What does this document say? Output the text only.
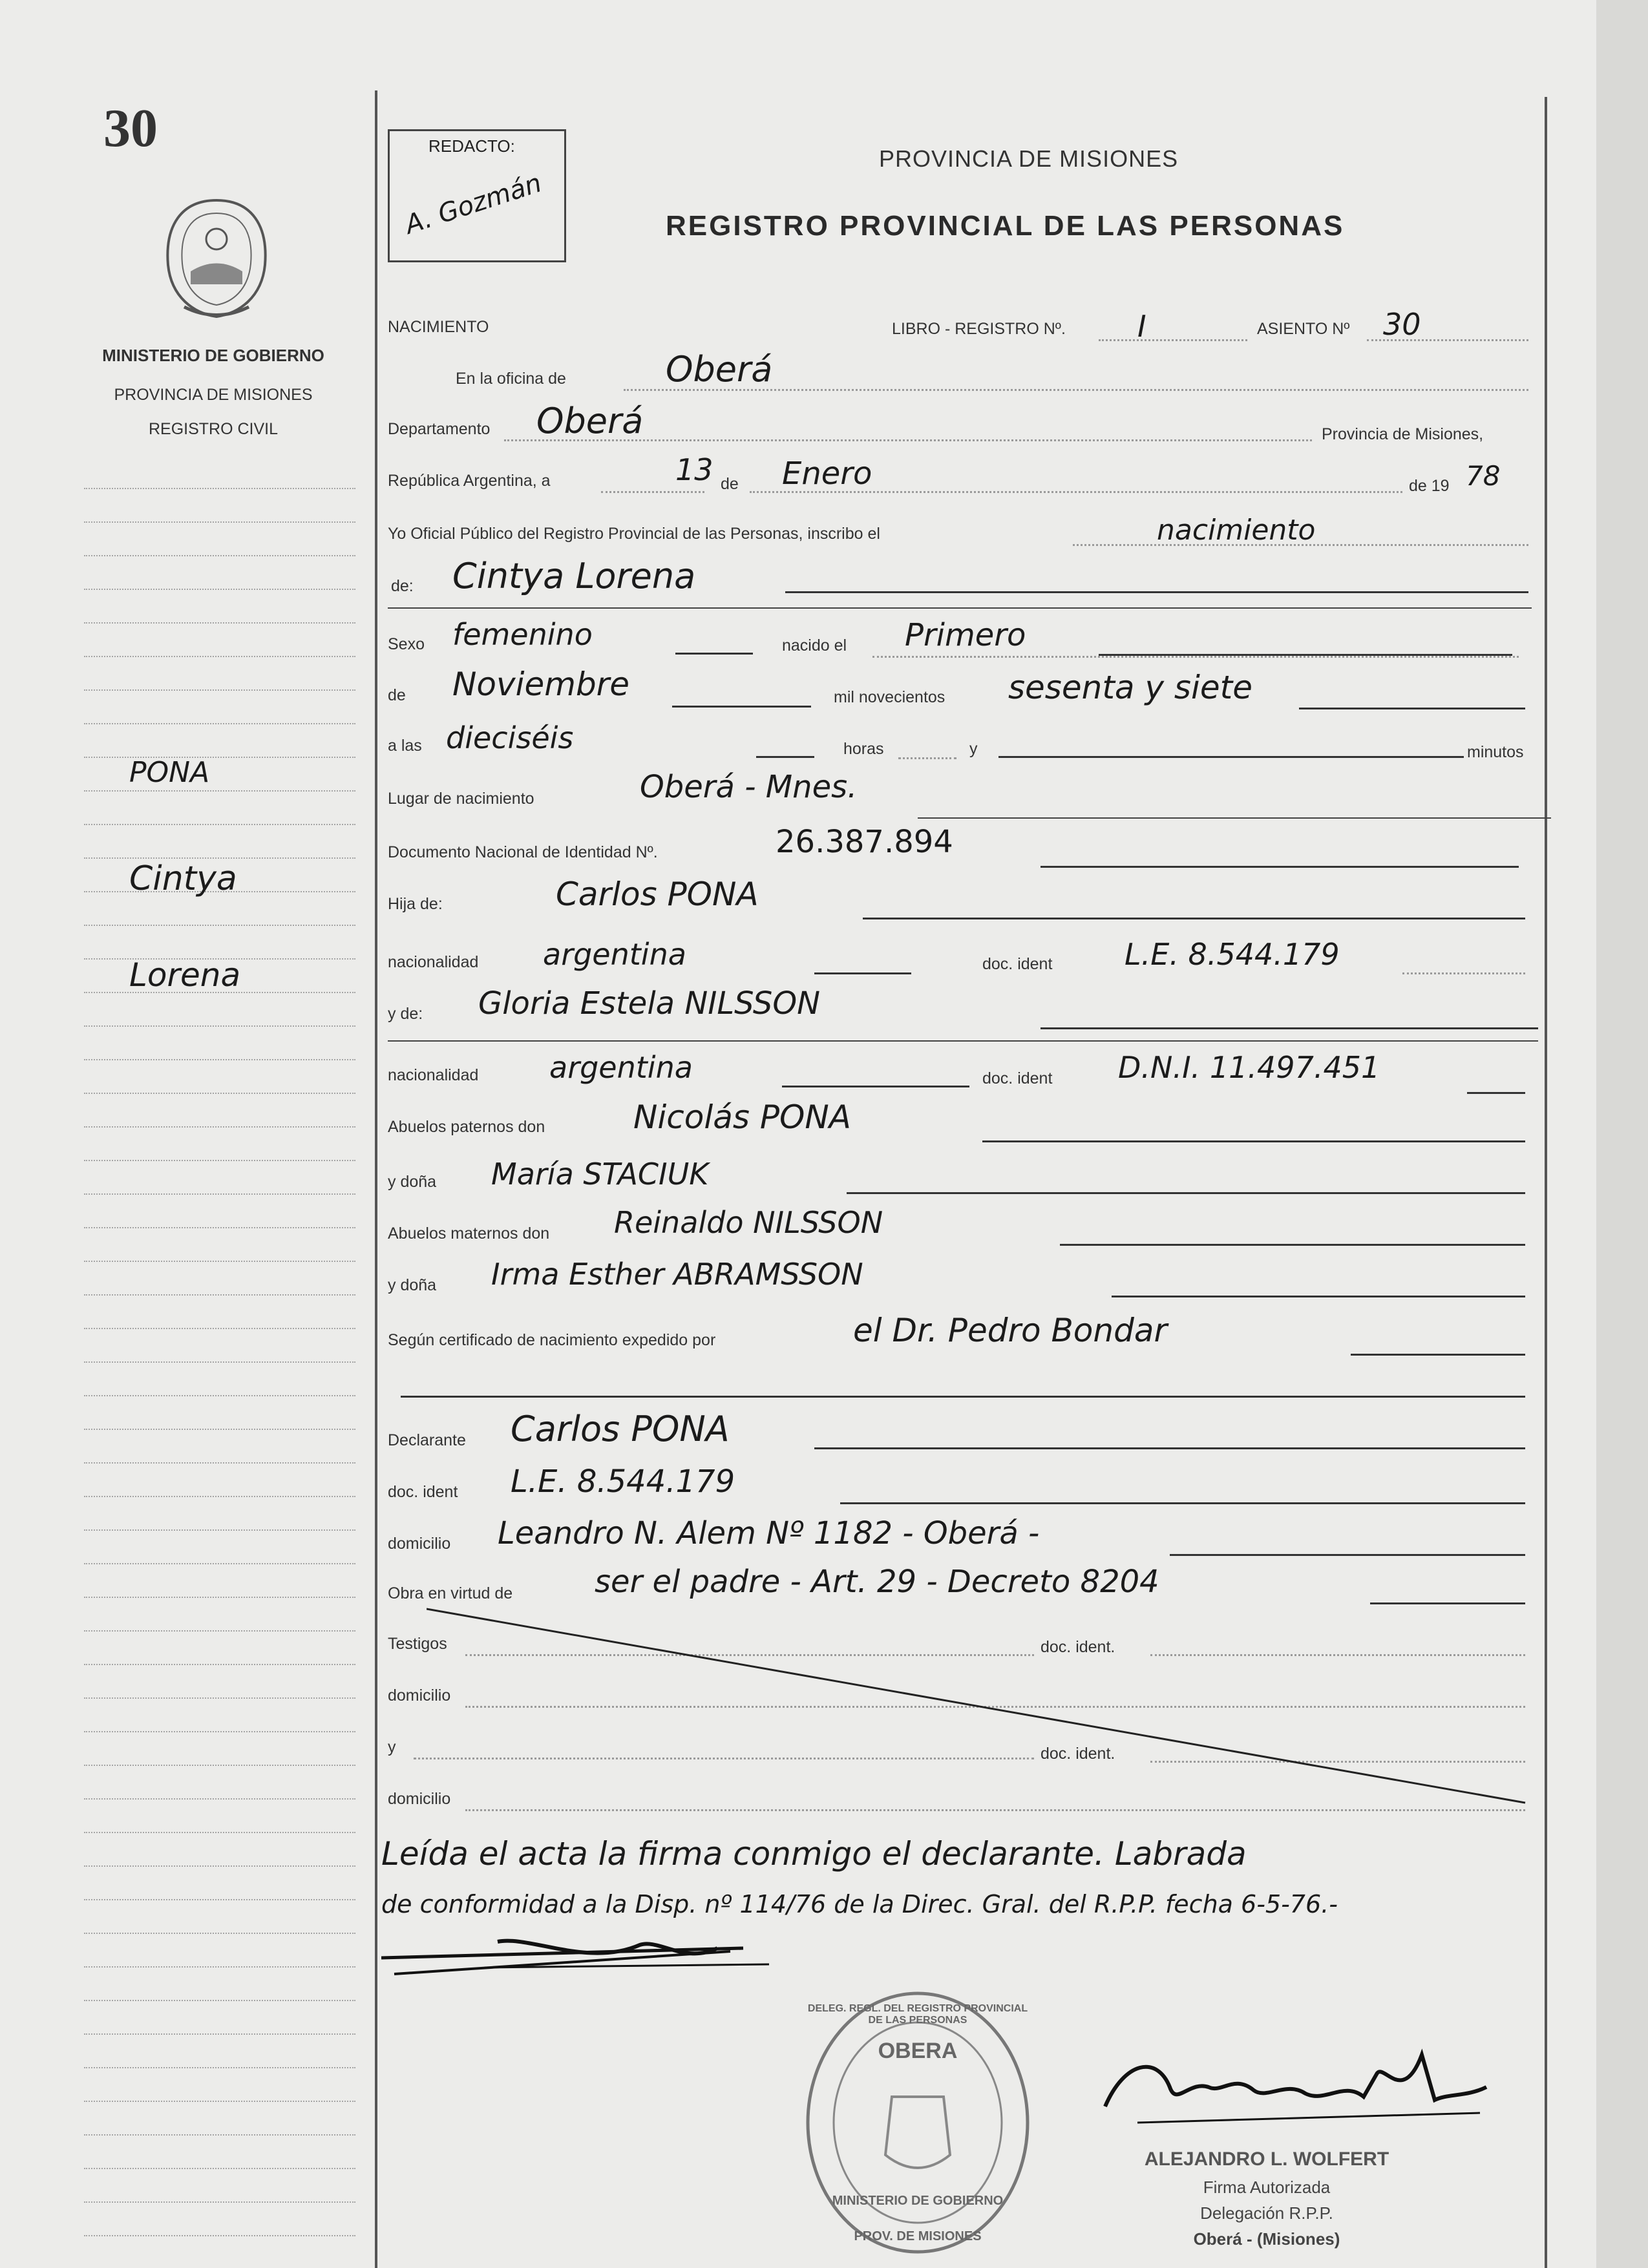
30
MINISTERIO DE GOBIERNO
PROVINCIA DE MISIONES
REGISTRO CIVIL
PONA
Cintya
Lorena
REDACTO:
A. Gozmán
PROVINCIA DE MISIONES
REGISTRO PROVINCIAL DE LAS PERSONAS
NACIMIENTO	LIBRO - REGISTRO Nº. I	ASIENTO Nº 30
En la oficina de	Oberá
Departamento Oberá	Provincia de Misiones,
República Argentina, a	13 de Enero	de 19 78
Yo Oficial Público del Registro Provincial de las Personas, inscribo el	nacimiento
de: Cintya Lorena
Sexo femenino	nacido el Primero
de Noviembre	mil novecientos sesenta y siete
a las dieciséis	horas	y	minutos
Lugar de nacimiento	Oberá - Mnes.
Documento Nacional de Identidad Nº.	26.387.894
Hija de:	Carlos PONA
nacionalidad argentina	doc. ident L.E. 8.544.179
y de: Gloria Estela NILSSON
nacionalidad argentina	doc. ident D.N.I. 11.497.451
Abuelos paternos don	Nicolás PONA
y doña María STACIUK
Abuelos maternos don Reinaldo NILSSON
y doña Irma Esther ABRAMSSON
Según certificado de nacimiento expedido por	el Dr. Pedro Bondar
Declarante Carlos PONA
doc. ident L.E. 8.544.179
domicilio Leandro N. Alem Nº 1182 - Oberá -
Obra en virtud de	ser el padre - Art. 29 - Decreto 8204
Testigos	doc. ident.
domicilio
y	doc. ident.
domicilio
Leída el acta la firma conmigo el declarante. Labrada
de conformidad a la Disp. nº 114/76 de la Direc. Gral. del R.P.P. fecha 6-5-76.-
DELEG. REGL. DEL REGISTRO PROVINCIAL DE LAS PERSONAS
OBERA
MINISTERIO DE GOBIERNO
PROV. DE MISIONES
ALEJANDRO L. WOLFERT
Firma Autorizada
Delegación R.P.P.
Oberá - (Misiones)
